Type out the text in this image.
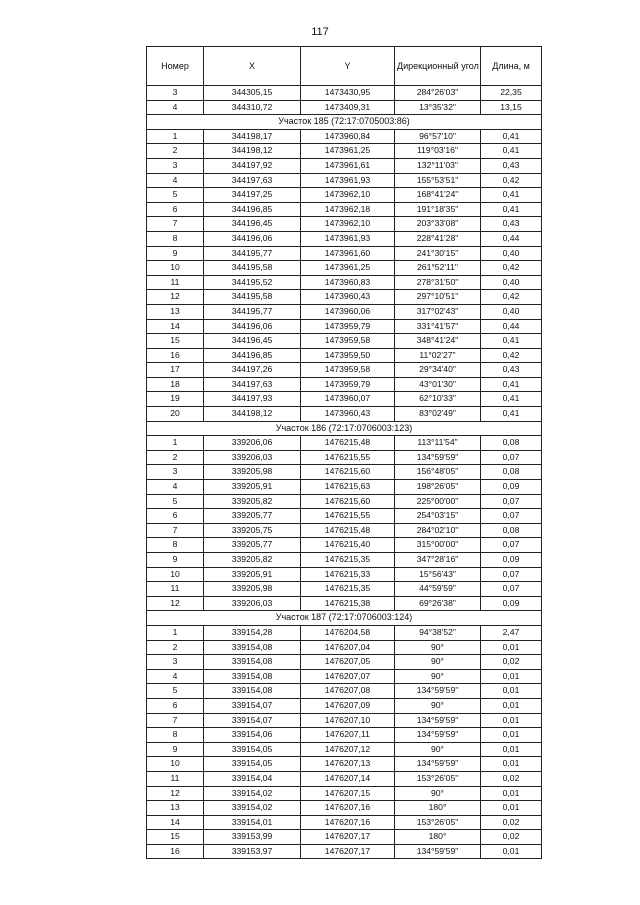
117
Номер	X	Y	Дирекционный угол	Длина, м
3	344305,15	1473430,95	284°26'03"	22,35
4	344310,72	1473409,31	13°35'32"	13,15
Участок 185 (72:17:0705003:86)				
1	344198,17	1473960,84	96°57'10"	0,41
2	344198,12	1473961,25	119°03'16"	0,41
3	344197,92	1473961,61	132°11'03"	0,43
4	344197,63	1473961,93	155°53'51"	0,42
5	344197,25	1473962,10	168°41'24"	0,41
6	344196,85	1473962,18	191°18'35"	0,41
7	344196,45	1473962,10	203°33'08"	0,43
8	344196,06	1473961,93	228°41'28"	0,44
9	344195,77	1473961,60	241°30'15"	0,40
10	344195,58	1473961,25	261°52'11"	0,42
11	344195,52	1473960,83	278°31'50"	0,40
12	344195,58	1473960,43	297°10'51"	0,42
13	344195,77	1473960,06	317°02'43"	0,40
14	344196,06	1473959,79	331°41'57"	0,44
15	344196,45	1473959,58	348°41'24"	0,41
16	344196,85	1473959,50	11°02'27"	0,42
17	344197,26	1473959,58	29°34'40"	0,43
18	344197,63	1473959,79	43°01'30"	0,41
19	344197,93	1473960,07	62°10'33"	0,41
20	344198,12	1473960,43	83°02'49"	0,41
Участок 186 (72:17:0706003:123)				
1	339206,06	1476215,48	113°11'54"	0,08
2	339206,03	1476215,55	134°59'59"	0,07
3	339205,98	1476215,60	156°48'05"	0,08
4	339205,91	1476215,63	198°26'05"	0,09
5	339205,82	1476215,60	225°00'00"	0,07
6	339205,77	1476215,55	254°03'15"	0,07
7	339205,75	1476215,48	284°02'10"	0,08
8	339205,77	1476215,40	315°00'00"	0,07
9	339205,82	1476215,35	347°28'16"	0,09
10	339205,91	1476215,33	15°56'43"	0,07
11	339205,98	1476215,35	44°59'59"	0,07
12	339206,03	1476215,38	69°26'38"	0,09
Участок 187 (72:17:0706003:124)				
1	339154,28	1476204,58	94°38'52"	2,47
2	339154,08	1476207,04	90°	0,01
3	339154,08	1476207,05	90°	0,02
4	339154,08	1476207,07	90°	0,01
5	339154,08	1476207,08	134°59'59"	0,01
6	339154,07	1476207,09	90°	0,01
7	339154,07	1476207,10	134°59'59"	0,01
8	339154,06	1476207,11	134°59'59"	0,01
9	339154,05	1476207,12	90°	0,01
10	339154,05	1476207,13	134°59'59"	0,01
11	339154,04	1476207,14	153°26'05"	0,02
12	339154,02	1476207,15	90°	0,01
13	339154,02	1476207,16	180°	0,01
14	339154,01	1476207,16	153°26'05"	0,02
15	339153,99	1476207,17	180°	0,02
16	339153,97	1476207,17	134°59'59"	0,01
